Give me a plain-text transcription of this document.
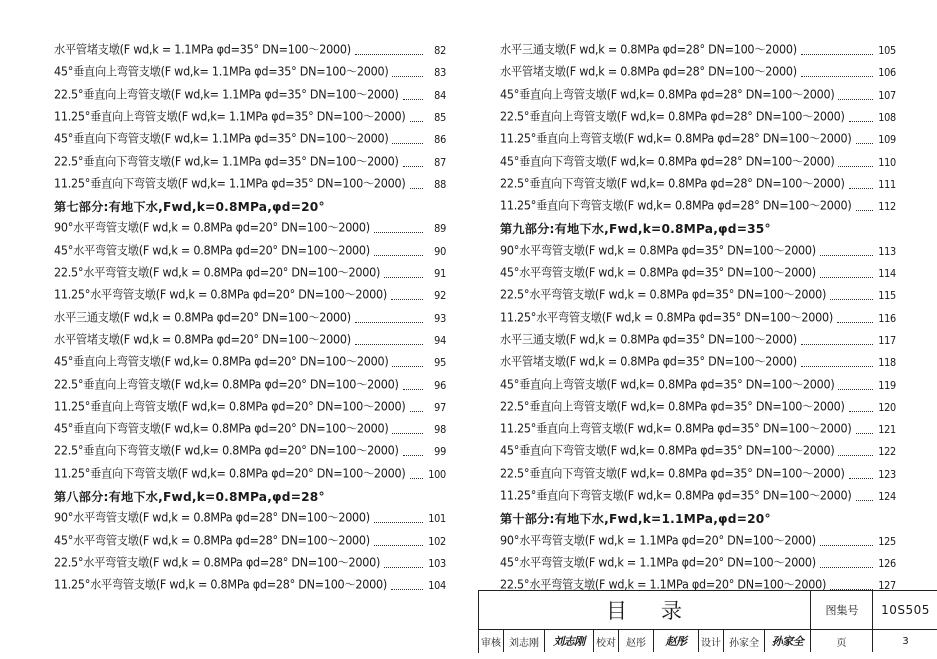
水平管堵支墩(F wd,k = 1.1MPa φd=35° DN=100～2000)	82
45°垂直向上弯管支墩(F wd,k= 1.1MPa φd=35° DN=100～2000)	83
22.5°垂直向上弯管支墩(F wd,k= 1.1MPa φd=35° DN=100～2000)	84
11.25°垂直向上弯管支墩(F wd,k= 1.1MPa φd=35° DN=100～2000)	85
45°垂直向下弯管支墩(F wd,k= 1.1MPa φd=35° DN=100～2000)	86
22.5°垂直向下弯管支墩(F wd,k= 1.1MPa φd=35° DN=100～2000)	87
11.25°垂直向下弯管支墩(F wd,k= 1.1MPa φd=35° DN=100～2000)	88
第七部分:有地下水,Fwd,k=0.8MPa,φd=20°
90°水平弯管支墩(F wd,k = 0.8MPa φd=20° DN=100～2000)	89
45°水平弯管支墩(F wd,k = 0.8MPa φd=20° DN=100～2000)	90
22.5°水平弯管支墩(F wd,k = 0.8MPa φd=20° DN=100～2000)	91
11.25°水平弯管支墩(F wd,k = 0.8MPa φd=20° DN=100～2000)	92
水平三通支墩(F wd,k = 0.8MPa φd=20° DN=100～2000)	93
水平管堵支墩(F wd,k = 0.8MPa φd=20° DN=100～2000)	94
45°垂直向上弯管支墩(F wd,k= 0.8MPa φd=20° DN=100～2000)	95
22.5°垂直向上弯管支墩(F wd,k= 0.8MPa φd=20° DN=100～2000)	96
11.25°垂直向上弯管支墩(F wd,k= 0.8MPa φd=20° DN=100～2000)	97
45°垂直向下弯管支墩(F wd,k= 0.8MPa φd=20° DN=100～2000)	98
22.5°垂直向下弯管支墩(F wd,k= 0.8MPa φd=20° DN=100～2000)	99
11.25°垂直向下弯管支墩(F wd,k= 0.8MPa φd=20° DN=100～2000) 100
第八部分:有地下水,Fwd,k=0.8MPa,φd=28°
90°水平弯管支墩(F wd,k = 0.8MPa φd=28° DN=100～2000)	101
45°水平弯管支墩(F wd,k = 0.8MPa φd=28° DN=100～2000)	102
22.5°水平弯管支墩(F wd,k = 0.8MPa φd=28° DN=100～2000)	103
11.25°水平弯管支墩(F wd,k = 0.8MPa φd=28° DN=100～2000)	104
水平三通支墩(F wd,k = 0.8MPa φd=28° DN=100～2000)	105
水平管堵支墩(F wd,k = 0.8MPa φd=28° DN=100～2000)	106
45°垂直向上弯管支墩(F wd,k= 0.8MPa φd=28° DN=100～2000)	107
22.5°垂直向上弯管支墩(F wd,k= 0.8MPa φd=28° DN=100～2000)	108
11.25°垂直向上弯管支墩(F wd,k= 0.8MPa φd=28° DN=100～2000) 109
45°垂直向下弯管支墩(F wd,k= 0.8MPa φd=28° DN=100～2000)	110
22.5°垂直向下弯管支墩(F wd,k= 0.8MPa φd=28° DN=100～2000)	111
11.25°垂直向下弯管支墩(F wd,k= 0.8MPa φd=28° DN=100～2000) 112
第九部分:有地下水,Fwd,k=0.8MPa,φd=35°
90°水平弯管支墩(F wd,k = 0.8MPa φd=35° DN=100～2000)	113
45°水平弯管支墩(F wd,k = 0.8MPa φd=35° DN=100～2000)	114
22.5°水平弯管支墩(F wd,k = 0.8MPa φd=35° DN=100～2000)	115
11.25°水平弯管支墩(F wd,k = 0.8MPa φd=35° DN=100～2000)	116
水平三通支墩(F wd,k = 0.8MPa φd=35° DN=100～2000)	117
水平管堵支墩(F wd,k = 0.8MPa φd=35° DN=100～2000)	118
45°垂直向上弯管支墩(F wd,k= 0.8MPa φd=35° DN=100～2000)	119
22.5°垂直向上弯管支墩(F wd,k= 0.8MPa φd=35° DN=100～2000)	120
11.25°垂直向上弯管支墩(F wd,k= 0.8MPa φd=35° DN=100～2000) 121
45°垂直向下弯管支墩(F wd,k= 0.8MPa φd=35° DN=100～2000)	122
22.5°垂直向下弯管支墩(F wd,k= 0.8MPa φd=35° DN=100～2000)	123
11.25°垂直向下弯管支墩(F wd,k= 0.8MPa φd=35° DN=100～2000) 124
第十部分:有地下水,Fwd,k=1.1MPa,φd=20°
90°水平弯管支墩(F wd,k = 1.1MPa φd=20° DN=100～2000)	125
45°水平弯管支墩(F wd,k = 1.1MPa φd=20° DN=100～2000)	126
22.5°水平弯管支墩(F wd,k = 1.1MPa φd=20° DN=100～2000)	127
目录	图集号	10S505
审核 刘志刚	刘志刚	校对	赵彤	赵彤	设计 孙家全	孙家全	页	3
